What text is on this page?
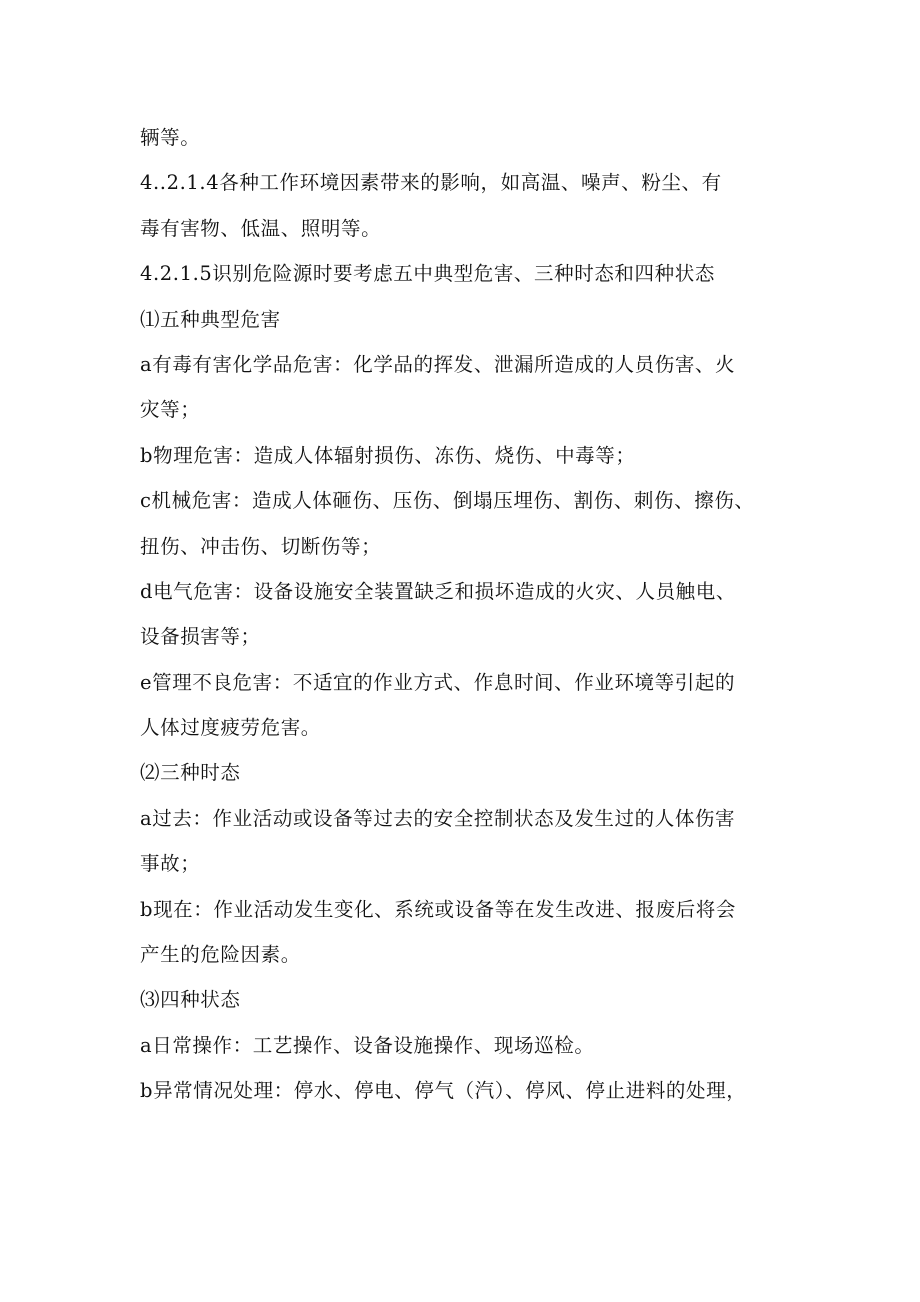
辆等。
4..2.1.4各种工作环境因素带来的影响，如高温、噪声、粉尘、有
毒有害物、低温、照明等。
4.2.1.5识别危险源时要考虑五中典型危害、三种时态和四种状态
⑴五种典型危害
a有毒有害化学品危害：化学品的挥发、泄漏所造成的人员伤害、火
灾等；
b物理危害：造成人体辐射损伤、冻伤、烧伤、中毒等；
c机械危害：造成人体砸伤、压伤、倒塌压埋伤、割伤、刺伤、擦伤、
扭伤、冲击伤、切断伤等；
d电气危害：设备设施安全装置缺乏和损坏造成的火灾、人员触电、
设备损害等；
e管理不良危害：不适宜的作业方式、作息时间、作业环境等引起的
人体过度疲劳危害。
⑵三种时态
a过去：作业活动或设备等过去的安全控制状态及发生过的人体伤害
事故；
b现在：作业活动发生变化、系统或设备等在发生改进、报废后将会
产生的危险因素。
⑶四种状态
a日常操作：工艺操作、设备设施操作、现场巡检。
b异常情况处理：停水、停电、停气（汽）、停风、停止进料的处理，
